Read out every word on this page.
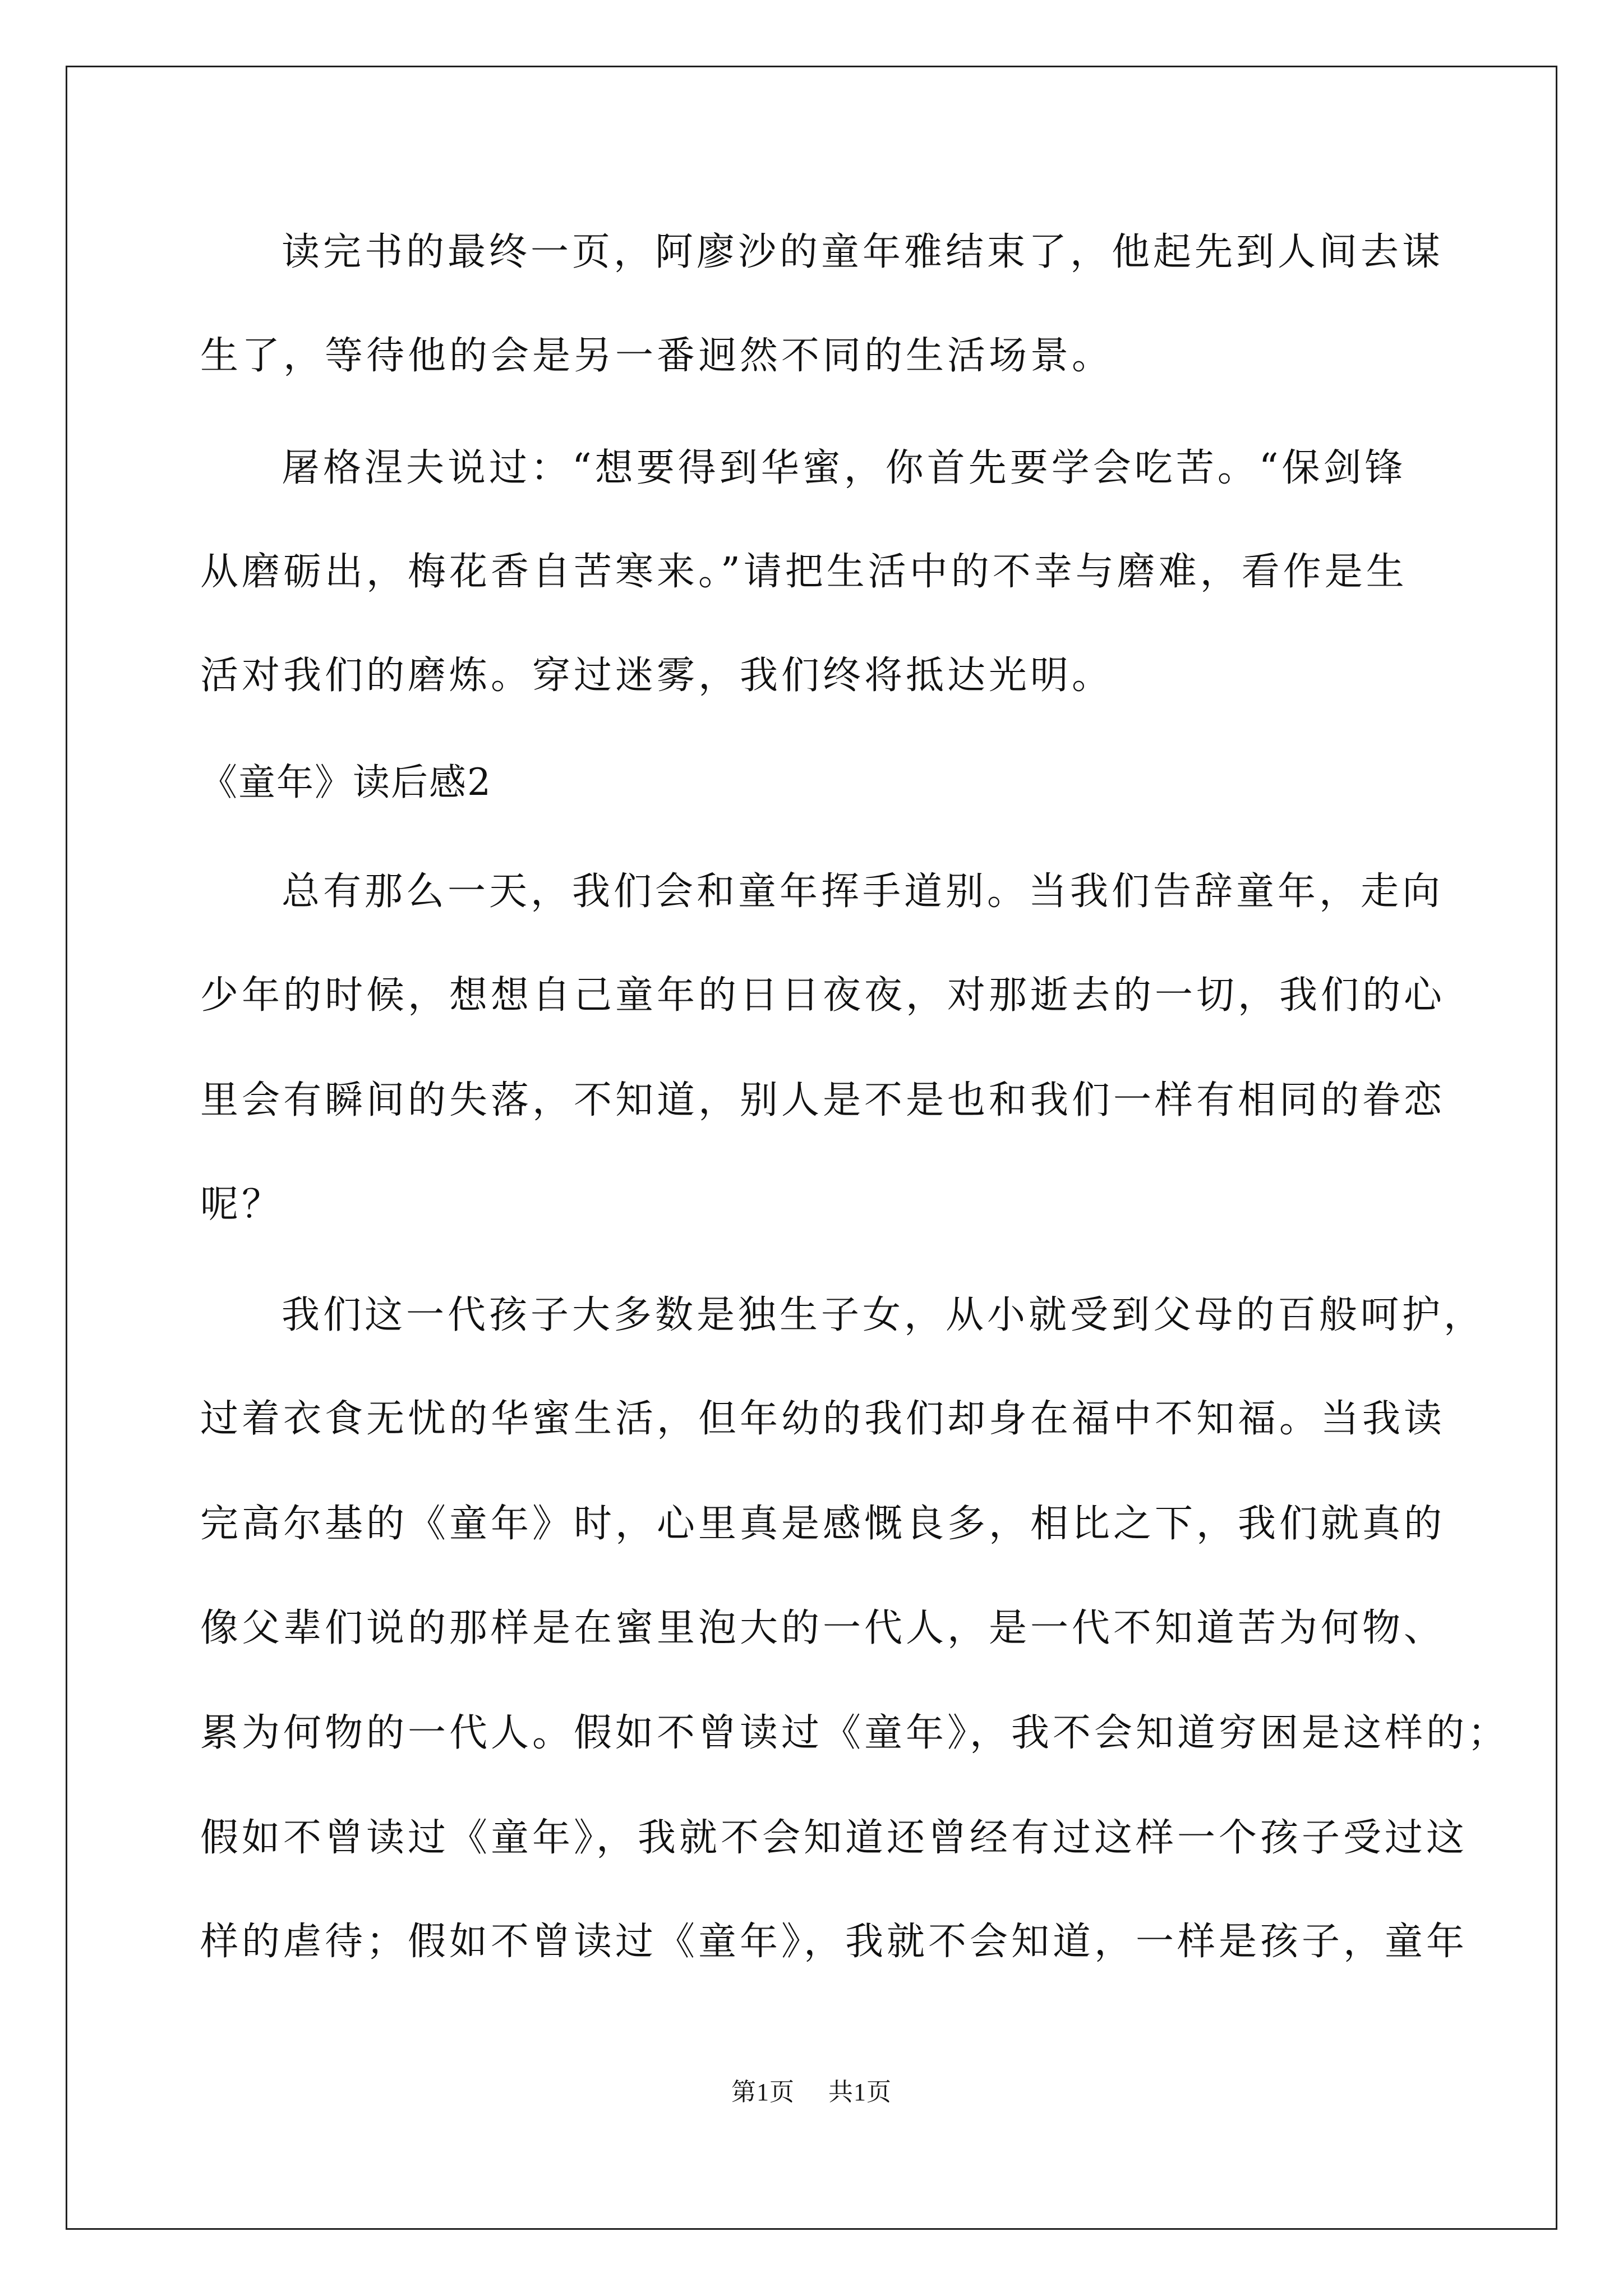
读完书的最终一页，阿廖沙的童年雅结束了，他起先到人间去谋

生了，等待他的会是另一番迥然不同的生活场景。

屠格涅夫说过：“想要得到华蜜，你首先要学会吃苦。“保剑锋

从磨砺出，梅花香自苦寒来。”请把生活中的不幸与磨难，看作是生

活对我们的磨炼。穿过迷雾，我们终将抵达光明。

《童年》读后感2

总有那么一天，我们会和童年挥手道别。当我们告辞童年，走向

少年的时候，想想自己童年的日日夜夜，对那逝去的一切，我们的心

里会有瞬间的失落，不知道，别人是不是也和我们一样有相同的眷恋

呢？

我们这一代孩子大多数是独生子女，从小就受到父母的百般呵护，

过着衣食无忧的华蜜生活，但年幼的我们却身在福中不知福。当我读

完高尔基的《童年》时，心里真是感慨良多，相比之下，我们就真的

像父辈们说的那样是在蜜里泡大的一代人，是一代不知道苦为何物、

累为何物的一代人。假如不曾读过《童年》，我不会知道穷困是这样的；

假如不曾读过《童年》，我就不会知道还曾经有过这样一个孩子受过这

样的虐待；假如不曾读过《童年》，我就不会知道，一样是孩子，童年

第1页 共1页
